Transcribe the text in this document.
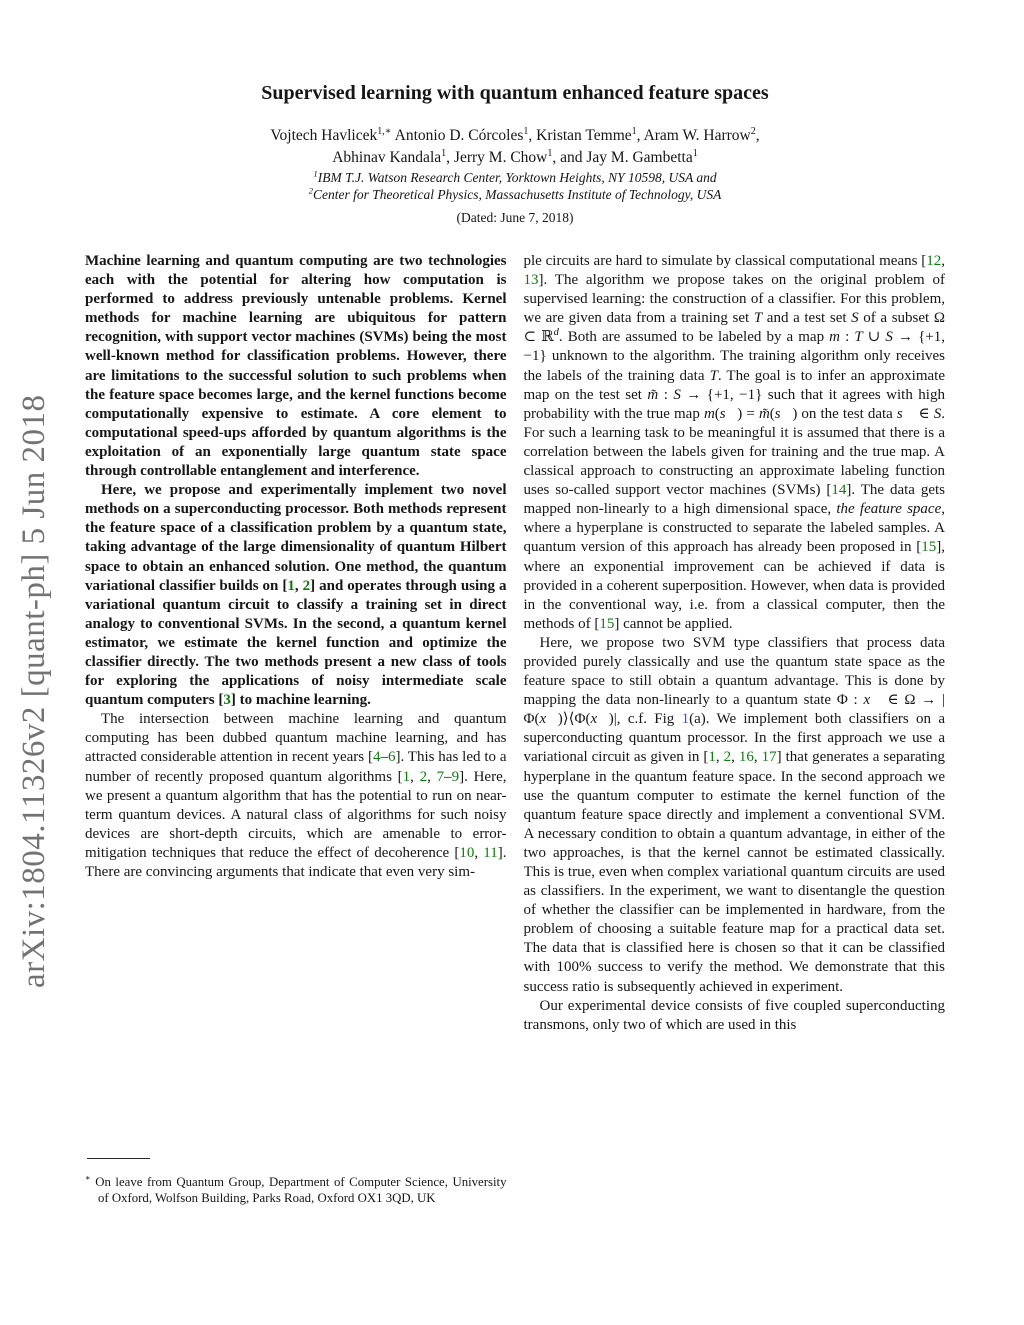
arXiv:1804.11326v2 [quant-ph] 5 Jun 2018
Supervised learning with quantum enhanced feature spaces
Vojtech Havlicek$^{1,∗}$ Antonio D. Córcoles$^1$, Kristan Temme$^1$, Aram W. Harrow$^2$,
Abhinav Kandala$^1$, Jerry M. Chow$^1$, and Jay M. Gambetta$^1$
$^1$IBM T.J. Watson Research Center, Yorktown Heights, NY 10598, USA and
$^2$Center for Theoretical Physics, Massachusetts Institute of Technology, USA
(Dated: June 7, 2018)

Machine learning and quantum computing are two technologies each with the potential for altering how computation is performed to address previously untenable problems. Kernel methods for machine learning are ubiquitous for pattern recognition, with support vector machines (SVMs) being the most well-known method for classification problems. However, there are limitations to the successful solution to such problems when the feature space becomes large, and the kernel functions become computationally expensive to estimate. A core element to computational speed-ups afforded by quantum algorithms is the exploitation of an exponentially large quantum state space through controllable entanglement and interference.

Here, we propose and experimentally implement two novel methods on a superconducting processor. Both methods represent the feature space of a classification problem by a quantum state, taking advantage of the large dimensionality of quantum Hilbert space to obtain an enhanced solution. One method, the quantum variational classifier builds on [1, 2] and operates through using a variational quantum circuit to classify a training set in direct analogy to conventional SVMs. In the second, a quantum kernel estimator, we estimate the kernel function and optimize the classifier directly. The two methods present a new class of tools for exploring the applications of noisy intermediate scale quantum computers [3] to machine learning.

The intersection between machine learning and quantum computing has been dubbed quantum machine learning, and has attracted considerable attention in recent years [4–6]. This has led to a number of recently proposed quantum algorithms [1, 2, 7–9]. Here, we present a quantum algorithm that has the potential to run on near-term quantum devices. A natural class of algorithms for such noisy devices are short-depth circuits, which are amenable to error-mitigation techniques that reduce the effect of decoherence [10, 11]. There are convincing arguments that indicate that even very sim-

∗ On leave from Quantum Group, Department of Computer Science, University of Oxford, Wolfson Building, Parks Road, Oxford OX1 3QD, UK

ple circuits are hard to simulate by classical computational means [12, 13]. The algorithm we propose takes on the original problem of supervised learning: the construction of a classifier. For this problem, we are given data from a training set T and a test set S of a subset Ω ⊂ ℝ$^d$. Both are assumed to be labeled by a map m : T ∪ S → {+1, −1} unknown to the algorithm. The training algorithm only receives the labels of the training data T. The goal is to infer an approximate map on the test set m̃ : S → {+1, −1} such that it agrees with high probability with the true map m(s⃗) = m̃(s⃗) on the test data s⃗ ∈ S. For such a learning task to be meaningful it is assumed that there is a correlation between the labels given for training and the true map. A classical approach to constructing an approximate labeling function uses so-called support vector machines (SVMs) [14]. The data gets mapped non-linearly to a high dimensional space, the feature space, where a hyperplane is constructed to separate the labeled samples. A quantum version of this approach has already been proposed in [15], where an exponential improvement can be achieved if data is provided in a coherent superposition. However, when data is provided in the conventional way, i.e. from a classical computer, then the methods of [15] cannot be applied.

Here, we propose two SVM type classifiers that process data provided purely classically and use the quantum state space as the feature space to still obtain a quantum advantage. This is done by mapping the data non-linearly to a quantum state Φ : x⃗ ∈ Ω → |Φ(x⃗)⟩⟨Φ(x⃗)|, c.f. Fig 1(a). We implement both classifiers on a superconducting quantum processor. In the first approach we use a variational circuit as given in [1, 2, 16, 17] that generates a separating hyperplane in the quantum feature space. In the second approach we use the quantum computer to estimate the kernel function of the quantum feature space directly and implement a conventional SVM. A necessary condition to obtain a quantum advantage, in either of the two approaches, is that the kernel cannot be estimated classically. This is true, even when complex variational quantum circuits are used as classifiers. In the experiment, we want to disentangle the question of whether the classifier can be implemented in hardware, from the problem of choosing a suitable feature map for a practical data set. The data that is classified here is chosen so that it can be classified with 100% success to verify the method. We demonstrate that this success ratio is subsequently achieved in experiment.

Our experimental device consists of five coupled superconducting transmons, only two of which are used in this
